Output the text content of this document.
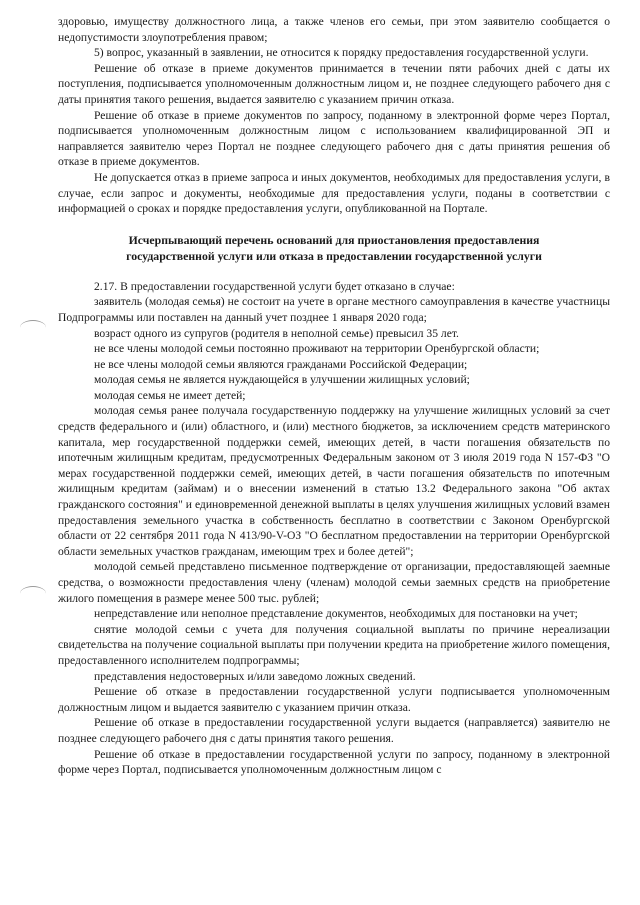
здоровью, имуществу должностного лица, а также членов его семьи, при этом заявителю сообщается о недопустимости злоупотребления правом;

5) вопрос, указанный в заявлении, не относится к порядку предоставления государственной услуги.

Решение об отказе в приеме документов принимается в течении пяти рабочих дней с даты их поступления, подписывается уполномоченным должностным лицом и, не позднее следующего рабочего дня с даты принятия такого решения, выдается заявителю с указанием причин отказа.

Решение об отказе в приеме документов по запросу, поданному в электронной форме через Портал, подписывается уполномоченным должностным лицом с использованием квалифицированной ЭП и направляется заявителю через Портал не позднее следующего рабочего дня с даты принятия решения об отказе в приеме документов.

Не допускается отказ в приеме запроса и иных документов, необходимых для предоставления услуги, в случае, если запрос и документы, необходимые для предоставления услуги, поданы в соответствии с информацией о сроках и порядке предоставления услуги, опубликованной на Портале.

Исчерпывающий перечень оснований для приостановления предоставления

государственной услуги или отказа в предоставлении государственной услуги

2.17. В предоставлении государственной услуги будет отказано в случае:

заявитель (молодая семья) не состоит на учете в органе местного самоуправления в качестве участницы Подпрограммы или поставлен на данный учет позднее 1 января 2020 года;

возраст одного из супругов (родителя в неполной семье) превысил 35 лет.

не все члены молодой семьи постоянно проживают на территории Оренбургской области;

не все члены молодой семьи являются гражданами Российской Федерации;

молодая семья не является нуждающейся в улучшении жилищных условий;

молодая семья не имеет детей;

молодая семья ранее получала государственную поддержку на улучшение жилищных условий за счет средств федерального и (или) областного, и (или) местного бюджетов, за исключением средств материнского капитала, мер государственной поддержки семей, имеющих детей, в части погашения обязательств по ипотечным жилищным кредитам, предусмотренных Федеральным законом от 3 июля 2019 года N 157-ФЗ "О мерах государственной поддержки семей, имеющих детей, в части погашения обязательств по ипотечным жилищным кредитам (займам) и о внесении изменений в статью 13.2 Федерального закона "Об актах гражданского состояния" и единовременной денежной выплаты в целях улучшения жилищных условий взамен предоставления земельного участка в собственность бесплатно в соответствии с Законом Оренбургской области от 22 сентября 2011 года N 413/90-V-ОЗ "О бесплатном предоставлении на территории Оренбургской области земельных участков гражданам, имеющим трех и более детей";

молодой семьей представлено письменное подтверждение от организации, предоставляющей заемные средства, о возможности предоставления члену (членам) молодой семьи заемных средств на приобретение жилого помещения в размере менее 500 тыс. рублей;

непредставление или неполное представление документов, необходимых для постановки на учет;

снятие молодой семьи с учета для получения социальной выплаты по причине нереализации свидетельства на получение социальной выплаты при получении кредита на приобретение жилого помещения, предоставленного исполнителем подпрограммы;

представления недостоверных и/или заведомо ложных сведений.

Решение об отказе в предоставлении государственной услуги подписывается уполномоченным должностным лицом и выдается заявителю с указанием причин отказа.

Решение об отказе в предоставлении государственной услуги выдается (направляется) заявителю не позднее следующего рабочего дня с даты принятия такого решения.

Решение об отказе в предоставлении государственной услуги по запросу, поданному в электронной форме через Портал, подписывается уполномоченным должностным лицом с
